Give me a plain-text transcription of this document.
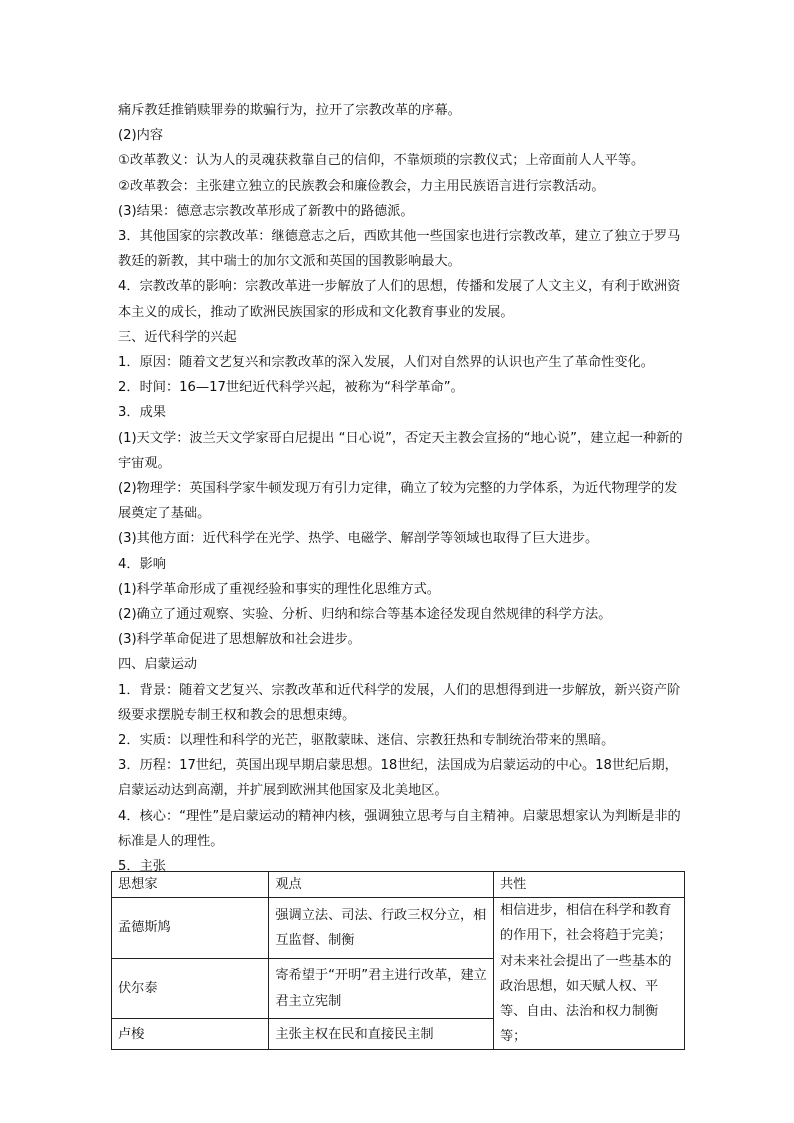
痛斥教廷推销赎罪券的欺骗行为，拉开了宗教改革的序幕。

(2)内容

①改革教义：认为人的灵魂获救靠自己的信仰，不靠烦琐的宗教仪式；上帝面前人人平等。

②改革教会：主张建立独立的民族教会和廉俭教会，力主用民族语言进行宗教活动。

(3)结果：德意志宗教改革形成了新教中的路德派。

3．其他国家的宗教改革：继德意志之后，西欧其他一些国家也进行宗教改革，建立了独立于罗马教廷的新教，其中瑞士的加尔文派和英国的国教影响最大。

4．宗教改革的影响：宗教改革进一步解放了人们的思想，传播和发展了人文主义，有利于欧洲资本主义的成长，推动了欧洲民族国家的形成和文化教育事业的发展。

三、近代科学的兴起

1．原因：随着文艺复兴和宗教改革的深入发展，人们对自然界的认识也产生了革命性变化。

2．时间：16—17世纪近代科学兴起，被称为“科学革命”。

3．成果

(1)天文学：波兰天文学家哥白尼提出 “日心说”，否定天主教会宣扬的“地心说”，建立起一种新的宇宙观。

(2)物理学：英国科学家牛顿发现万有引力定律，确立了较为完整的力学体系，为近代物理学的发展奠定了基础。

(3)其他方面：近代科学在光学、热学、电磁学、解剖学等领域也取得了巨大进步。

4．影响

(1)科学革命形成了重视经验和事实的理性化思维方式。

(2)确立了通过观察、实验、分析、归纳和综合等基本途径发现自然规律的科学方法。

(3)科学革命促进了思想解放和社会进步。

四、启蒙运动

1．背景：随着文艺复兴、宗教改革和近代科学的发展，人们的思想得到进一步解放，新兴资产阶级要求摆脱专制王权和教会的思想束缚。

2．实质：以理性和科学的光芒，驱散蒙昧、迷信、宗教狂热和专制统治带来的黑暗。

3．历程：17世纪，英国出现早期启蒙思想。18世纪，法国成为启蒙运动的中心。18世纪后期，启蒙运动达到高潮，并扩展到欧洲其他国家及北美地区。

4．核心：“理性”是启蒙运动的精神内核，强调独立思考与自主精神。启蒙思想家认为判断是非的标准是人的理性。

5．主张

思想家	观点	共性
孟德斯鸠	强调立法、司法、行政三权分立，相互监督、制衡	相信进步，相信在科学和教育的作用下，社会将趋于完美；对未来社会提出了一些基本的政治思想，如天赋人权、平等、自由、法治和权力制衡等；
伏尔泰	寄希望于“开明”君主进行改革，建立君主立宪制	
卢梭	主张主权在民和直接民主制	
